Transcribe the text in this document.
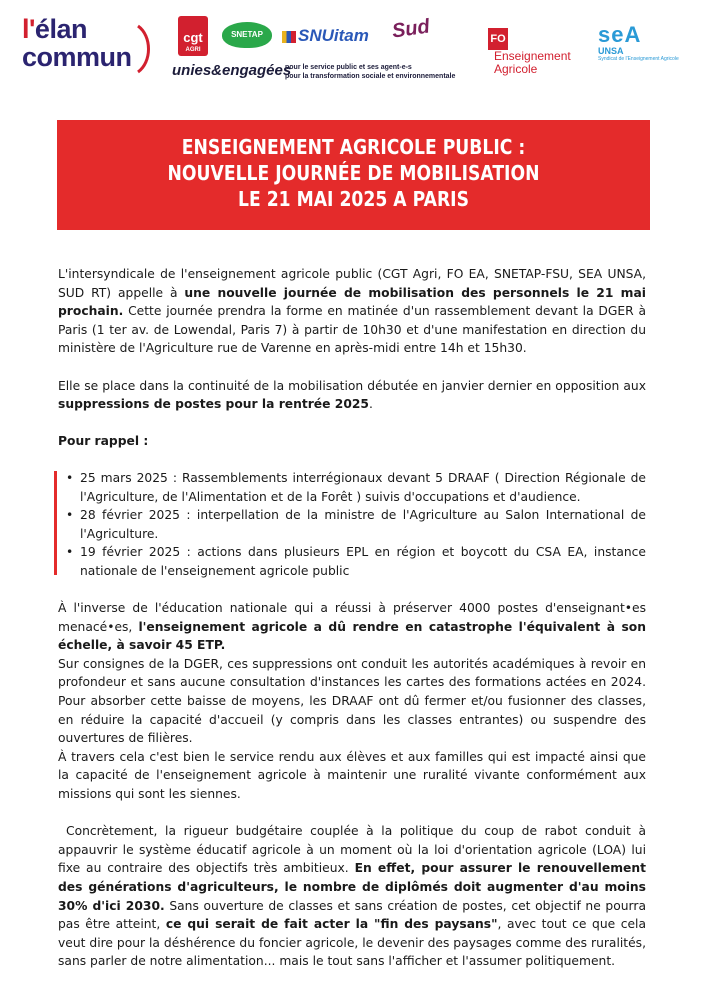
l'élan
commun
cgt
AGRI
SNETAP	SNUitam Sud
unies&engagées
pour le service public et ses agent-e-s
pour la transformation sociale et environnementale
FO
Enseignement Agricole
seA
UNSA
Syndicat de l'Enseignement Agricole
ENSEIGNEMENT AGRICOLE PUBLIC :
NOUVELLE JOURNÉE DE MOBILISATION
LE 21 MAI 2025 A PARIS

L'intersyndicale de l'enseignement agricole public (CGT Agri, FO EA, SNETAP-FSU, SEA UNSA, SUD RT) appelle à une nouvelle journée de mobilisation des personnels le 21 mai prochain. Cette journée prendra la forme en matinée d'un rassemblement devant la DGER à Paris (1 ter av. de Lowendal, Paris 7) à partir de 10h30 et d'une manifestation en direction du ministère de l'Agriculture rue de Varenne en après-midi entre 14h et 15h30.

Elle se place dans la continuité de la mobilisation débutée en janvier dernier en opposition aux suppressions de postes pour la rentrée 2025.

Pour rappel :

• 25 mars 2025 : Rassemblements interrégionaux devant 5 DRAAF ( Direction Régionale de l'Agriculture, de l'Alimentation et de la Forêt ) suivis d'occupations et d'audience.
• 28 février 2025 : interpellation de la ministre de l'Agriculture au Salon International de l'Agriculture.
• 19 février 2025 : actions dans plusieurs EPL en région et boycott du CSA EA, instance nationale de l'enseignement agricole public

À l'inverse de l'éducation nationale qui a réussi à préserver 4000 postes d'enseignant•es menacé•es, l'enseignement agricole a dû rendre en catastrophe l'équivalent à son échelle, à savoir 45 ETP.

Sur consignes de la DGER, ces suppressions ont conduit les autorités académiques à revoir en profondeur et sans aucune consultation d'instances les cartes des formations actées en 2024. Pour absorber cette baisse de moyens, les DRAAF ont dû fermer et/ou fusionner des classes, en réduire la capacité d'accueil (y compris dans les classes entrantes) ou suspendre des ouvertures de filières.

À travers cela c'est bien le service rendu aux élèves et aux familles qui est impacté ainsi que la capacité de l'enseignement agricole à maintenir une ruralité vivante conformément aux missions qui sont les siennes.

Concrètement, la rigueur budgétaire couplée à la politique du coup de rabot conduit à appauvrir le système éducatif agricole à un moment où la loi d'orientation agricole (LOA) lui fixe au contraire des objectifs très ambitieux. En effet, pour assurer le renouvellement des générations d'agriculteurs, le nombre de diplômés doit augmenter d'au moins 30% d'ici 2030. Sans ouverture de classes et sans création de postes, cet objectif ne pourra pas être atteint, ce qui serait de fait acter la "fin des paysans", avec tout ce que cela veut dire pour la déshérence du foncier agricole, le devenir des paysages comme des ruralités, sans parler de notre alimentation... mais le tout sans l'afficher et l'assumer politiquement.
